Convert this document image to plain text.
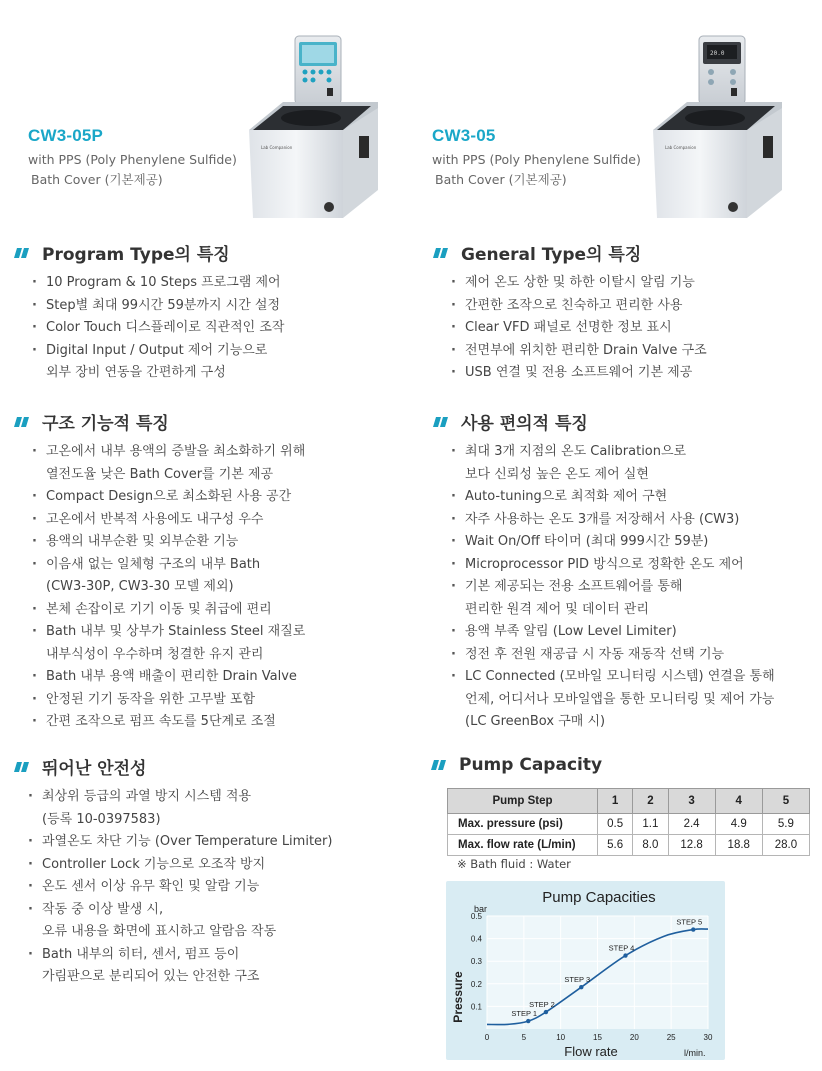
CW3-05P
with PPS (Poly Phenylene Sulfide)
Bath Cover (기본제공)
CW3-05
with PPS (Poly Phenylene Sulfide)
Bath Cover (기본제공)
Lab Companion
20.0
Lab Companion
Program Type의 특징
· 10 Program & 10 Steps 프로그램 제어
· Step별 최대 99시간 59분까지 시간 설정
· Color Touch 디스플레이로 직관적인 조작
· Digital Input / Output 제어 기능으로
외부 장비 연동을 간편하게 구성
General Type의 특징
· 제어 온도 상한 및 하한 이탈시 알림 기능
· 간편한 조작으로 친숙하고 편리한 사용
· Clear VFD 패널로 선명한 정보 표시
· 전면부에 위치한 편리한 Drain Valve 구조
· USB 연결 및 전용 소프트웨어 기본 제공
구조 기능적 특징
· 고온에서 내부 용액의 증발을 최소화하기 위해
열전도율 낮은 Bath Cover를 기본 제공
· Compact Design으로 최소화된 사용 공간
· 고온에서 반복적 사용에도 내구성 우수
· 용액의 내부순환 및 외부순환 기능
· 이음새 없는 일체형 구조의 내부 Bath
(CW3-30P, CW3-30 모델 제외)
· 본체 손잡이로 기기 이동 및 취급에 편리
· Bath 내부 및 상부가 Stainless Steel 재질로
내부식성이 우수하며 청결한 유지 관리
· Bath 내부 용액 배출이 편리한 Drain Valve
· 안정된 기기 동작을 위한 고무발 포함
· 간편 조작으로 펌프 속도를 5단계로 조절
사용 편의적 특징
· 최대 3개 지점의 온도 Calibration으로
보다 신뢰성 높은 온도 제어 실현
· Auto-tuning으로 최적화 제어 구현
· 자주 사용하는 온도 3개를 저장해서 사용 (CW3)
· Wait On/Off 타이머 (최대 999시간 59분)
· Microprocessor PID 방식으로 정확한 온도 제어
· 기본 제공되는 전용 소프트웨어를 통해
편리한 원격 제어 및 데이터 관리
· 용액 부족 알림 (Low Level Limiter)
· 정전 후 전원 재공급 시 자동 재동작 선택 기능
· LC Connected (모바일 모니터링 시스템) 연결을 통해
언제, 어디서나 모바일앱을 통한 모니터링 및 제어 가능
(LC GreenBox 구매 시)
뛰어난 안전성
· 최상위 등급의 과열 방지 시스템 적용
(등록 10-0397583)
· 과열온도 차단 기능 (Over Temperature Limiter)
· Controller Lock 기능으로 오조작 방지
· 온도 센서 이상 유무 확인 및 알람 기능
· 작동 중 이상 발생 시,
오류 내용을 화면에 표시하고 알람음 작동
· Bath 내부의 히터, 센서, 펌프 등이
가림판으로 분리되어 있는 안전한 구조
Pump Capacity
Pump Step	1	2	3	4	5
Max. pressure (psi)	0.5	1.1	2.4	4.9	5.9
Max. flow rate (L/min)	5.6	8.0	12.8	18.8	28.0
※ Bath fluid : Water
Pump Capacities
bar
Pressure
Flow rate	l/min.
0.1
0.2
0.3
0.4
0.5
0	5	10	15	20	25	30
STEP 1
STEP 2
STEP 3
STEP 4
STEP 5
